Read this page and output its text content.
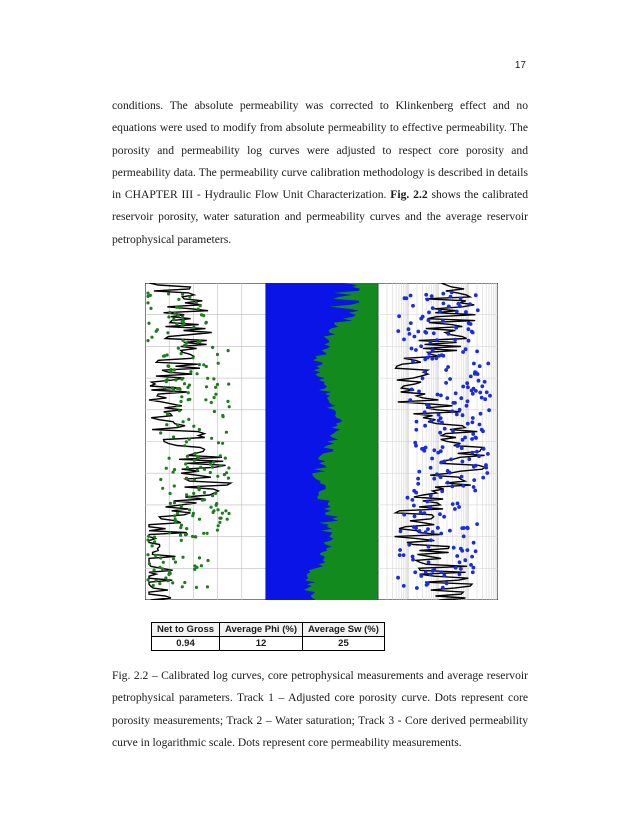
17

conditions. The absolute permeability was corrected to Klinkenberg effect and no equations were used to modify from absolute permeability to effective permeability. The porosity and permeability log curves were adjusted to respect core porosity and permeability data. The permeability curve calibration methodology is described in details in CHAPTER III - Hydraulic Flow Unit Characterization. Fig. 2.2 shows the calibrated reservoir porosity, water saturation and permeability curves and the average reservoir petrophysical parameters.

Net to Gross	Average Phi (%)	Average Sw (%)
0.94	12	25

Fig. 2.2 – Calibrated log curves, core petrophysical measurements and average reservoir petrophysical parameters. Track 1 – Adjusted core porosity curve. Dots represent core porosity measurements; Track 2 – Water saturation; Track 3 - Core derived permeability curve in logarithmic scale. Dots represent core permeability measurements.
